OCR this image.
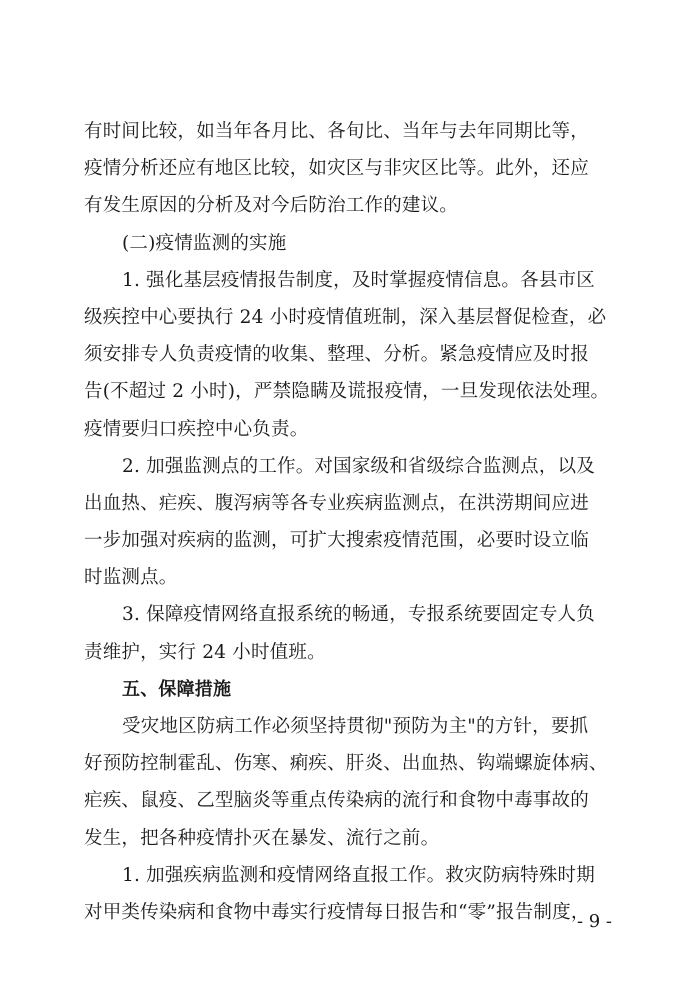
有时间比较，如当年各月比、各旬比、当年与去年同期比等，
疫情分析还应有地区比较，如灾区与非灾区比等。此外，还应
有发生原因的分析及对今后防治工作的建议。
(二)疫情监测的实施
1. 强化基层疫情报告制度，及时掌握疫情信息。各县市区
级疾控中心要执行 24 小时疫情值班制，深入基层督促检查，必
须安排专人负责疫情的收集、整理、分析。紧急疫情应及时报
告(不超过 2 小时)，严禁隐瞒及谎报疫情，一旦发现依法处理。
疫情要归口疾控中心负责。
2. 加强监测点的工作。对国家级和省级综合监测点，以及
出血热、疟疾、腹泻病等各专业疾病监测点，在洪涝期间应进
一步加强对疾病的监测，可扩大搜索疫情范围，必要时设立临
时监测点。
3. 保障疫情网络直报系统的畅通，专报系统要固定专人负
责维护，实行 24 小时值班。
五、保障措施
受灾地区防病工作必须坚持贯彻"预防为主"的方针，要抓
好预防控制霍乱、伤寒、痢疾、肝炎、出血热、钩端螺旋体病、
疟疾、鼠疫、乙型脑炎等重点传染病的流行和食物中毒事故的
发生，把各种疫情扑灭在暴发、流行之前。
1. 加强疾病监测和疫情网络直报工作。救灾防病特殊时期
对甲类传染病和食物中毒实行疫情每日报告和“零”报告制度，
- 9 -
